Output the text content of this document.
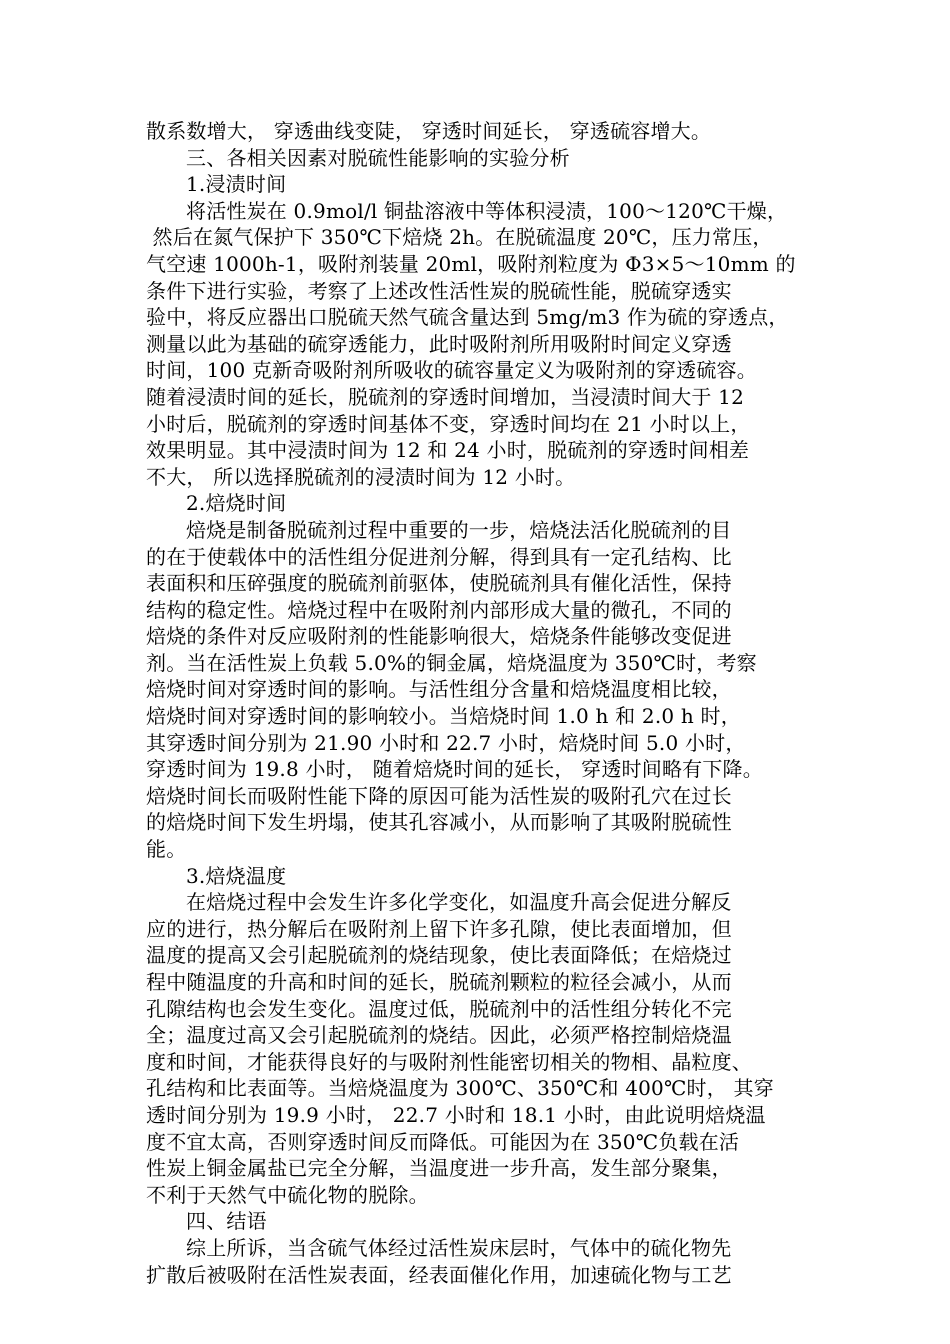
散系数增大， 穿透曲线变陡， 穿透时间延长， 穿透硫容增大。
三、各相关因素对脱硫性能影响的实验分析
1.浸渍时间
将活性炭在 0.9mol/l 铜盐溶液中等体积浸渍，100～120℃干燥，
然后在氮气保护下 350℃下焙烧 2h。在脱硫温度 20℃，压力常压，
气空速 1000h-1，吸附剂装量 20ml，吸附剂粒度为 Φ3×5～10mm 的
条件下进行实验，考察了上述改性活性炭的脱硫性能，脱硫穿透实
验中，将反应器出口脱硫天然气硫含量达到 5mg/m3 作为硫的穿透点，
测量以此为基础的硫穿透能力，此时吸附剂所用吸附时间定义穿透
时间，100 克新奇吸附剂所吸收的硫容量定义为吸附剂的穿透硫容。
随着浸渍时间的延长，脱硫剂的穿透时间增加，当浸渍时间大于 12
小时后，脱硫剂的穿透时间基体不变，穿透时间均在 21 小时以上，
效果明显。其中浸渍时间为 12 和 24 小时，脱硫剂的穿透时间相差
不大， 所以选择脱硫剂的浸渍时间为 12 小时。
2.焙烧时间
焙烧是制备脱硫剂过程中重要的一步，焙烧法活化脱硫剂的目
的在于使载体中的活性组分促进剂分解，得到具有一定孔结构、比
表面积和压碎强度的脱硫剂前驱体，使脱硫剂具有催化活性，保持
结构的稳定性。焙烧过程中在吸附剂内部形成大量的微孔，不同的
焙烧的条件对反应吸附剂的性能影响很大，焙烧条件能够改变促进
剂。当在活性炭上负载 5.0%的铜金属，焙烧温度为 350℃时，考察
焙烧时间对穿透时间的影响。与活性组分含量和焙烧温度相比较，
焙烧时间对穿透时间的影响较小。当焙烧时间 1.0 h 和 2.0 h 时，
其穿透时间分别为 21.90 小时和 22.7 小时，焙烧时间 5.0 小时，
穿透时间为 19.8 小时， 随着焙烧时间的延长， 穿透时间略有下降。
焙烧时间长而吸附性能下降的原因可能为活性炭的吸附孔穴在过长
的焙烧时间下发生坍塌，使其孔容减小，从而影响了其吸附脱硫性
能。
3.焙烧温度
在焙烧过程中会发生许多化学变化，如温度升高会促进分解反
应的进行，热分解后在吸附剂上留下许多孔隙，使比表面增加，但
温度的提高又会引起脱硫剂的烧结现象，使比表面降低；在焙烧过
程中随温度的升高和时间的延长，脱硫剂颗粒的粒径会减小，从而
孔隙结构也会发生变化。温度过低，脱硫剂中的活性组分转化不完
全；温度过高又会引起脱硫剂的烧结。因此，必须严格控制焙烧温
度和时间，才能获得良好的与吸附剂性能密切相关的物相、晶粒度、
孔结构和比表面等。当焙烧温度为 300℃、350℃和 400℃时， 其穿
透时间分别为 19.9 小时， 22.7 小时和 18.1 小时，由此说明焙烧温
度不宜太高，否则穿透时间反而降低。可能因为在 350℃负载在活
性炭上铜金属盐已完全分解，当温度进一步升高，发生部分聚集，
不利于天然气中硫化物的脱除。
四、结语
综上所诉，当含硫气体经过活性炭床层时，气体中的硫化物先
扩散后被吸附在活性炭表面，经表面催化作用，加速硫化物与工艺
